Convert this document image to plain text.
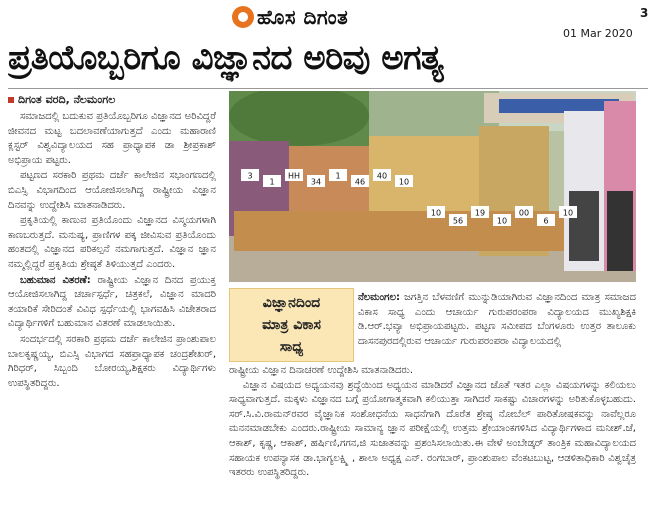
ಹೊಸ ದಿಗಂತ	3
01 Mar 2020
ಪ್ರತಿಯೊಬ್ಬರಿಗೂ ವಿಜ್ಞಾನದ ಅರಿವು ಅಗತ್ಯ
ದಿಗಂತ ವರದಿ, ನೆಲಮಂಗಲ

ಸಮಾಜದಲ್ಲಿ ಬದುಕುವ ಪ್ರತಿಯೊಬ್ಬರಿಗೂ ವಿಜ್ಞಾನದ ಅರಿವಿದ್ದರೆ ಜೀವನದ ಮಟ್ಟ ಬದಲಾವಣೆಯಾಗುತ್ತದೆ ಎಂದು ಮಹಾರಾಣಿ ಕ್ಲಸ್ಟರ್ ವಿಶ್ವವಿದ್ಯಾಲಯದ ಸಹ ಪ್ರಾಧ್ಯಾಪಕ ಡಾ ಶ್ರೀಪ್ರಕಾಶ್ ಅಭಿಪ್ರಾಯ ಪಟ್ಟರು.

ಪಟ್ಟಣದ ಸರಕಾರಿ ಪ್ರಥಮ ದರ್ಜೆ ಕಾಲೇಜಿನ ಸಭಾಂಗಣದಲ್ಲಿ ಬಿಎಸ್ಸಿ ವಿಭಾಗದಿಂದ ಆಯೋಜಿಸಲಾಗಿದ್ದ ರಾಷ್ಟ್ರೀಯ ವಿಜ್ಞಾನ ದಿನವನ್ನು ಉದ್ದೇಶಿಸಿ ಮಾತನಾಡಿದರು.

ಪ್ರಕೃತಿಯಲ್ಲಿ ಕಾಣುವ ಪ್ರತಿಯೊಂದು ವಿಜ್ಞಾನದ ವಿಸ್ಮಯಗಳಾಗಿ ಕಾಣಬರುತ್ತದೆ. ಮನುಷ್ಯ, ಪ್ರಾಣಿಗಳ ಪಕ್ಕ ಜೀವಿಸುವ ಪ್ರತಿಯೊಂದು ಹಂತದಲ್ಲಿ ವಿಜ್ಞಾನದ ಪರಿಕಲ್ಪನೆ ನಮಗಾಗುತ್ತದೆ. ವಿಜ್ಞಾನ ಜ್ಞಾನ ನಮ್ಮಲ್ಲಿದ್ದರೆ ಪ್ರಕೃತಿಯ ಶ್ರೇಷ್ಠತೆ ತಿಳಿಯುತ್ತದೆ ಎಂದರು.

ಬಹುಮಾನ ವಿತರಣೆ: ರಾಷ್ಟ್ರೀಯ ವಿಜ್ಞಾನ ದಿನದ ಪ್ರಯುಕ್ತ ಆಯೋಜಿಸಲಾಗಿದ್ದ ಚರ್ಚಾಸ್ಪರ್ಧೆ, ಚಿತ್ರಕಲೆ, ವಿಜ್ಞಾನ ಮಾದರಿ ತಯಾರಿಕೆ ಸೇರಿದಂತೆ ವಿವಿಧ ಸ್ಪರ್ಧೆಯಲ್ಲಿ ಭಾಗವಹಿಸಿ ವಿಜೇತರಾದ ವಿದ್ಯಾರ್ಥಿಗಳಿಗೆ ಬಹುಮಾನ ವಿತರಣೆ ಮಾಡಲಾಯಿತು.

ಸಂದರ್ಭದಲ್ಲಿ ಸರಕಾರಿ ಪ್ರಥಮ ದರ್ಜೆ ಕಾಲೇಜಿನ ಪ್ರಾಂಶುಪಾಲ ಬಾಲಕೃಷ್ಣಯ್ಯ, ಬಿಎಸ್ಸಿ ವಿಭಾಗದ ಸಹಪ್ರಾಧ್ಯಾಪಕ ಚಂದ್ರಶೇಖರ್, ಗಿರಿಧರ್, ಸಿಬ್ಬಂದಿ ಬೋರಯ್ಯ,ಶಿಕ್ಷಕರು ವಿದ್ಯಾರ್ಥಿಗಳು ಉಪಸ್ಥಿತರಿದ್ದರು.

3
1
HH
34
1
46
40
10
10
56
19
10
00
6
10
ವಿಜ್ಞಾನದಿಂದ
ಮಾತ್ರ ವಿಕಾಸ
ಸಾಧ್ಯ

ನೆಲಮಂಗಲ: ಜಗತ್ತಿನ ಬೆಳವಣಿಗೆ ಮುನ್ನುಡಿಯಾಗಿರುವ ವಿಜ್ಞಾನದಿಂದ ಮಾತ್ರ ಸಮಾಜದ ವಿಕಾಸ ಸಾಧ್ಯ ಎಂದು ಆಚಾರ್ಯ ಗುರುಪರಂಪರಾ ವಿದ್ಯಾಲಯದ ಮುಖ್ಯಶಿಕ್ಷಕಿ ಡಿ.ಆರ್.ಭವ್ಯಾ ಅಭಿಪ್ರಾಯಪಟ್ಟರು. ಪಟ್ಟಣ ಸಮೀಪದ ಬೆಂಗಳೂರು ಉತ್ತರ ತಾಲೂಕು ದಾಸನಪುರದಲ್ಲಿರುವ ಆಚಾರ್ಯ ಗುರುಪರಂಪರಾ ವಿದ್ಯಾಲಯದಲ್ಲಿ

ರಾಷ್ಟ್ರೀಯ ವಿಜ್ಞಾನ ದಿನಾಚರಣೆ ಉದ್ದೇಶಿಸಿ ಮಾತನಾಡಿದರು.

ವಿಜ್ಞಾನ ವಿಷಯದ ಅಧ್ಯಯನವು ಶ್ರದ್ಧೆಯಿಂದ ಅಧ್ಯಯನ ಮಾಡಿದರೆ ವಿಜ್ಞಾನದ ಜೊತೆ ಇತರ ಎಲ್ಲಾ ವಿಷಯಗಳನ್ನು ಕಲಿಯಲು ಸಾಧ್ಯವಾಗುತ್ತದೆ. ಮಕ್ಕಳು ವಿಜ್ಞಾನದ ಬಗ್ಗೆ ಪ್ರಯೋಗಾತ್ಮಕವಾಗಿ ಕಲಿಯುತ್ತಾ ಸಾಗಿದರೆ ಸಾಕಷ್ಟು ವಿಚಾರಗಳನ್ನು ಅರಿತುಕೊಳ್ಳಬಹುದು. ಸರ್.ಸಿ.ವಿ.ರಾಮನ್‌ರವರ ವೈಜ್ಞಾನಿಕ ಸಂಶೋಧನೆಯ ಸಾಧನೆಗಾಗಿ ದೊರೆತ ಶ್ರೇಷ್ಠ ನೋಬೆಲ್ ಪಾರಿತೋಷಕವನ್ನು ನಾವೆಲ್ಲರೂ ಮನನಮಾಡಬೇಕು ಎಂದರು.ರಾಷ್ಟ್ರೀಯ ಸಾಮಾನ್ಯ ಜ್ಞಾನ ಪರೀಕ್ಷೆಯಲ್ಲಿ ಉತ್ತಮ ಶ್ರೇಯಾಂಕಗಳಿಸಿದ ವಿದ್ಯಾರ್ಥಿಗಳಾದ ಮನೀಶ್.ಜೆ, ಆಕಾಶ್, ಕೃಷ್ಣ, ಆಕಾಶ್, ಹರ್ಷಿಣಿ,ಗಗನ,ಜಿ ಸುಜಾತವನ್ನು ಪ್ರಶಂಸಿಸಲಾಯಿತು.ಈ ವೇಳೆ ಅಂಬೇಡ್ಕರ್ ತಾಂತ್ರಿಕ ಮಹಾವಿದ್ಯಾಲಯದ ಸಹಾಯಕ ಉಪನ್ಯಾಸಕ ಡಾ.ಭಾಗ್ಯಲಕ್ಷ್ಮಿ , ಶಾಲಾ ಅಧ್ಯಕ್ಷ ಎನ್. ರಂಗಬಾರ್, ಪ್ರಾಂಶುಪಾಲ ವೆಂಕಟಬುಟ್ಟ, ಆಡಳಿತಾಧಿಕಾರಿ ವಿಶ್ವಚೈತ್ರ ಇತರರು ಉಪಸ್ಥಿತರಿದ್ದರು.
